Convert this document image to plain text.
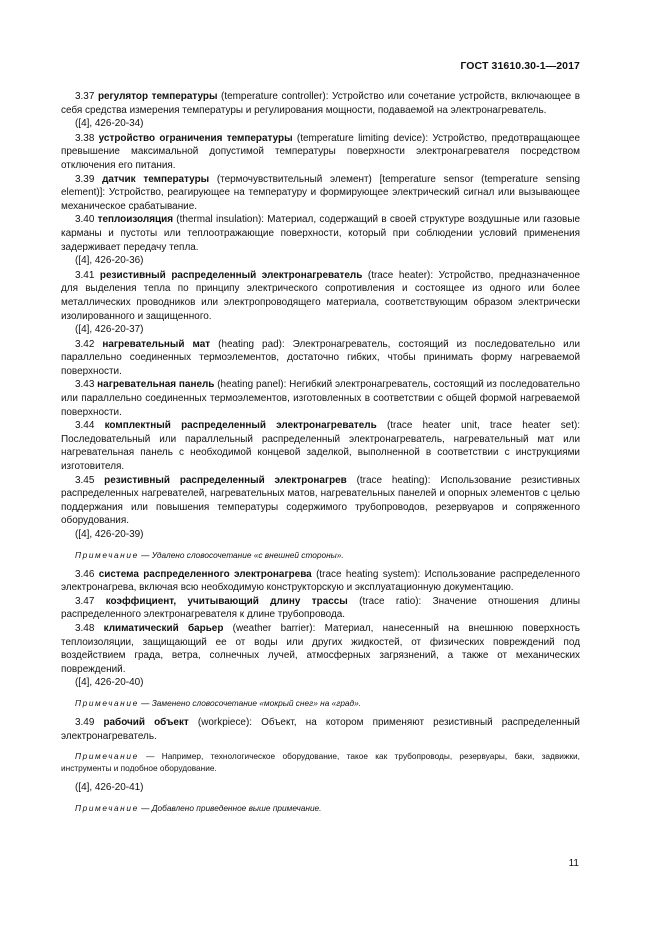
ГОСТ 31610.30-1—2017

3.37 регулятор температуры (temperature controller): Устройство или сочетание устройств, включающее в себя средства измерения температуры и регулирования мощности, подаваемой на электронагреватель.

([4], 426-20-34)

3.38 устройство ограничения температуры (temperature limiting device): Устройство, предотвращающее превышение максимальной допустимой температуры поверхности электронагревателя посредством отключения его питания.

3.39 датчик температуры (термочувствительный элемент) [temperature sensor (temperature sensing element)]: Устройство, реагирующее на температуру и формирующее электрический сигнал или вызывающее механическое срабатывание.

3.40 теплоизоляция (thermal insulation): Материал, содержащий в своей структуре воздушные или газовые карманы и пустоты или теплоотражающие поверхности, который при соблюдении условий применения задерживает передачу тепла.

([4], 426-20-36)

3.41 резистивный распределенный электронагреватель (trace heater): Устройство, предназначенное для выделения тепла по принципу электрического сопротивления и состоящее из одного или более металлических проводников или электропроводящего материала, соответствующим образом электрически изолированного и защищенного.

([4], 426-20-37)

3.42 нагревательный мат (heating pad): Электронагреватель, состоящий из последовательно или параллельно соединенных термоэлементов, достаточно гибких, чтобы принимать форму нагреваемой поверхности.

3.43 нагревательная панель (heating panel): Негибкий электронагреватель, состоящий из последовательно или параллельно соединенных термоэлементов, изготовленных в соответствии с общей формой нагреваемой поверхности.

3.44 комплектный распределенный электронагреватель (trace heater unit, trace heater set): Последовательный или параллельный распределенный электронагреватель, нагревательный мат или нагревательная панель с необходимой концевой заделкой, выполненной в соответствии с инструкциями изготовителя.

3.45 резистивный распределенный электронагрев (trace heating): Использование резистивных распределенных нагревателей, нагревательных матов, нагревательных панелей и опорных элементов с целью поддержания или повышения температуры содержимого трубопроводов, резервуаров и сопряженного оборудования.

([4], 426-20-39)

Примечание — Удалено словосочетание «с внешней стороны».

3.46 система распределенного электронагрева (trace heating system): Использование распределенного электронагрева, включая всю необходимую конструкторскую и эксплуатационную документацию.

3.47 коэффициент, учитывающий длину трассы (trace ratio): Значение отношения длины распределенного электронагревателя к длине трубопровода.

3.48 климатический барьер (weather barrier): Материал, нанесенный на внешнюю поверхность теплоизоляции, защищающий ее от воды или других жидкостей, от физических повреждений под воздействием града, ветра, солнечных лучей, атмосферных загрязнений, а также от механических повреждений.

([4], 426-20-40)

Примечание — Заменено словосочетание «мокрый снег» на «град».

3.49 рабочий объект (workpiece): Объект, на котором применяют резистивный распределенный электронагреватель.

Примечание — Например, технологическое оборудование, такое как трубопроводы, резервуары, баки, задвижки, инструменты и подобное оборудование.

([4], 426-20-41)

Примечание — Добавлено приведенное выше примечание.

11
